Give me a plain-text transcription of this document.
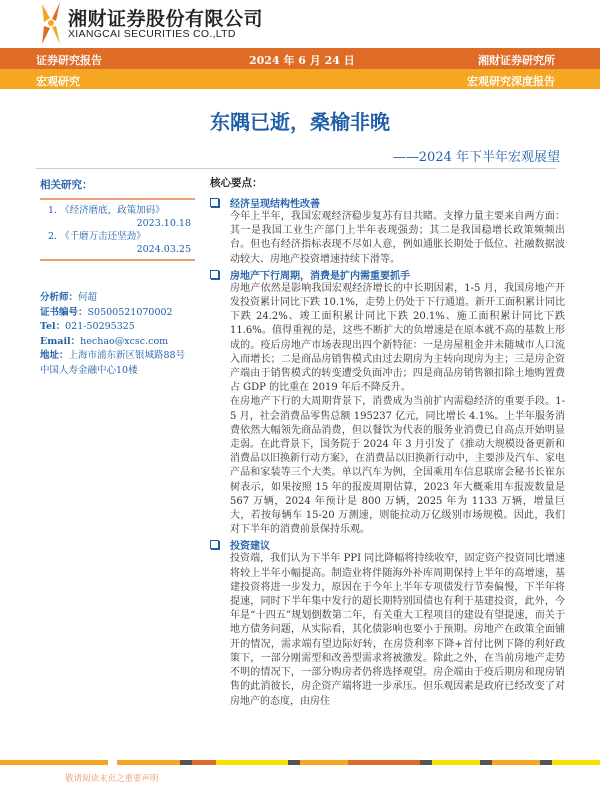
湘财证券股份有限公司
XIANGCAI SECURITIES CO.,LTD
证券研究报告	2024 年 6 月 24 日	湘财证券研究所
宏观研究	宏观研究深度报告
东隅已逝，桑榆非晚
——2024 年下半年宏观展望
相关研究：
1. 《经济磨底，政策加码》
2023.10.18
2. 《千磨万击还坚劲》
2024.03.25
分析师：何超
证书编号：S0500521070002
Tel：021-50295325
Email：hechao@xcsc.com
地址：上海市浦东新区银城路88号
中国人寿金融中心10楼
核心要点：
经济呈现结构性改善

今年上半年，我国宏观经济稳步复苏有目共睹。支撑力量主要来自两方面：其一是我国工业生产部门上半年表现强劲；其二是我国稳增长政策频频出台。但也有经济指标表现不尽如人意，例如通胀长期处于低位、社融数据波动较大、房地产投资增速持续下滑等。

房地产下行周期，消费是扩内需重要抓手

房地产依然是影响我国宏观经济增长的中长期因素，1-5 月，我国房地产开发投资累计同比下跌 10.1%，走势上仍处于下行通道。新开工面积累计同比下跌 24.2%、竣工面积累计同比下跌 20.1%、施工面积累计同比下跌 11.6%。值得重视的是，这些不断扩大的负增速是在原本就不高的基数上形成的。疫后房地产市场表现出四个新特征：一是房屋租金并未随城市人口流入而增长；二是商品房销售模式由过去期房为主转向现房为主；三是房企资产端由于销售模式的转变遭受负面冲击；四是商品房销售额扣除土地购置费占 GDP 的比重在 2019 年后不降反升。

在房地产下行的大周期背景下，消费成为当前扩内需稳经济的重要手段。1-5 月，社会消费品零售总额 195237 亿元，同比增长 4.1%。上半年服务消费依然大幅领先商品消费，但以餐饮为代表的服务业消费已自高点开始明显走弱。在此背景下，国务院于 2024 年 3 月引发了《推动大规模设备更新和消费品以旧换新行动方案》，在消费品以旧换新行动中，主要涉及汽车、家电产品和家装等三个大类。单以汽车为例，全国乘用车信息联席会秘书长崔东树表示，如果按照 15 年的报废周期估算，2023 年大概乘用车报废数量是 567 万辆，2024 年预计是 800 万辆，2025 年为 1133 万辆，增量巨大，若按每辆车 15-20 万测速，则能拉动万亿级别市场规模。因此，我们对下半年的消费前景保持乐观。

投资建议

投资端，我们认为下半年 PPI 同比降幅将持续收窄，固定资产投资同比增速将较上半年小幅提高。制造业将伴随海外补库周期保持上半年的高增速，基建投资将进一步发力，原因在于今年上半年专项债发行节奏偏慢，下半年将提速，同时下半年集中发行的超长期特别国债也有利于基建投资，此外，今年是“十四五”规划倒数第二年，有关重大工程项目的建设有望提速，而关于地方债务问题，从实际看，其化债影响也要小于预期。房地产在政策全面铺开的情况，需求端有望边际好转，在房贷利率下降+首付比例下降的利好政策下，一部分刚需型和改善型需求将被激发。除此之外，在当前房地产走势不明的情况下，一部分购房者仍将选择观望。房企端由于疫后期房和现房销售的此消彼长，房企资产端将进一步承压。但乐观因素是政府已经改变了对房地产的态度，由房住

敬请阅读末页之重要声明
